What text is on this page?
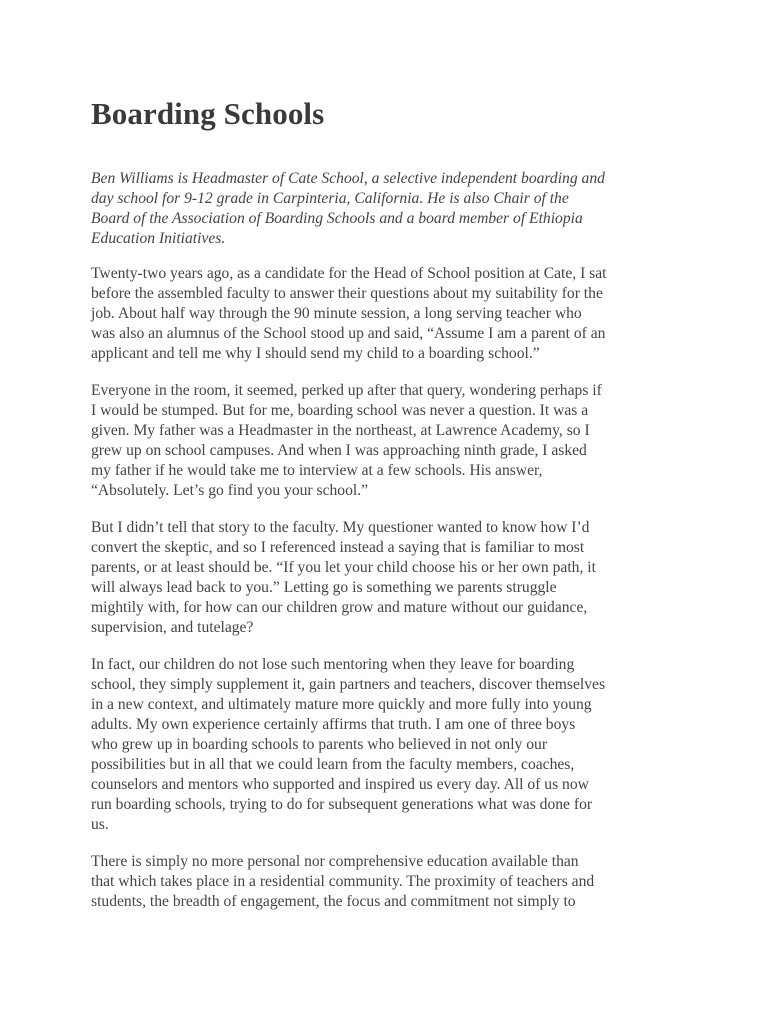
Boarding Schools

Ben Williams is Headmaster of Cate School, a selective independent boarding and
day school for 9-12 grade in Carpinteria, California. He is also Chair of the
Board of the Association of Boarding Schools and a board member of Ethiopia
Education Initiatives.

Twenty-two years ago, as a candidate for the Head of School position at Cate, I sat
before the assembled faculty to answer their questions about my suitability for the
job. About half way through the 90 minute session, a long serving teacher who
was also an alumnus of the School stood up and said, “Assume I am a parent of an
applicant and tell me why I should send my child to a boarding school.”

Everyone in the room, it seemed, perked up after that query, wondering perhaps if
I would be stumped. But for me, boarding school was never a question. It was a
given. My father was a Headmaster in the northeast, at Lawrence Academy, so I
grew up on school campuses. And when I was approaching ninth grade, I asked
my father if he would take me to interview at a few schools. His answer,
“Absolutely. Let’s go find you your school.”

But I didn’t tell that story to the faculty. My questioner wanted to know how I’d
convert the skeptic, and so I referenced instead a saying that is familiar to most
parents, or at least should be. “If you let your child choose his or her own path, it
will always lead back to you.” Letting go is something we parents struggle
mightily with, for how can our children grow and mature without our guidance,
supervision, and tutelage?

In fact, our children do not lose such mentoring when they leave for boarding
school, they simply supplement it, gain partners and teachers, discover themselves
in a new context, and ultimately mature more quickly and more fully into young
adults. My own experience certainly affirms that truth. I am one of three boys
who grew up in boarding schools to parents who believed in not only our
possibilities but in all that we could learn from the faculty members, coaches,
counselors and mentors who supported and inspired us every day. All of us now
run boarding schools, trying to do for subsequent generations what was done for
us.

There is simply no more personal nor comprehensive education available than
that which takes place in a residential community. The proximity of teachers and
students, the breadth of engagement, the focus and commitment not simply to
